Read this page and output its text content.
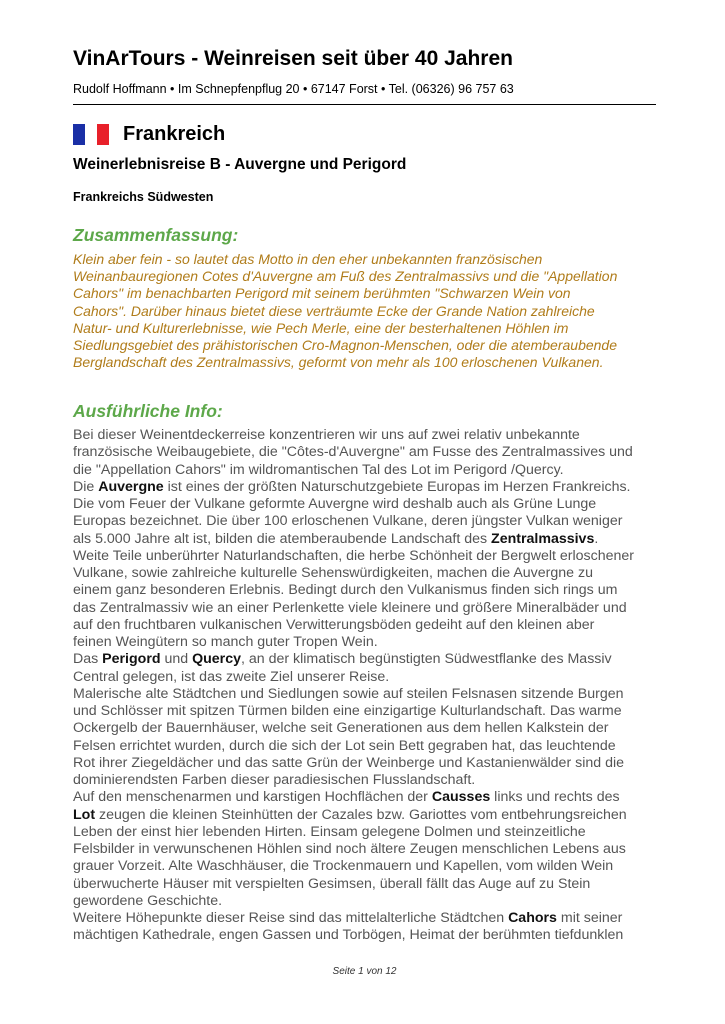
VinArTours - Weinreisen seit über 40 Jahren
Rudolf Hoffmann • Im Schnepfenpflug 20 • 67147 Forst • Tel. (06326) 96 757 63
Frankreich
Weinerlebnisreise B - Auvergne und Perigord
Frankreichs Südwesten
Zusammenfassung:
Klein aber fein - so lautet das Motto in den eher unbekannten französischen
Weinanbauregionen Cotes d'Auvergne am Fuß des Zentralmassivs und die "Appellation
Cahors" im benachbarten Perigord mit seinem berühmten "Schwarzen Wein von
Cahors". Darüber hinaus bietet diese verträumte Ecke der Grande Nation zahlreiche
Natur- und Kulturerlebnisse, wie Pech Merle, eine der besterhaltenen Höhlen im
Siedlungsgebiet des prähistorischen Cro-Magnon-Menschen, oder die atemberaubende
Berglandschaft des Zentralmassivs, geformt von mehr als 100 erloschenen Vulkanen.
Ausführliche Info:
Bei dieser Weinentdeckerreise konzentrieren wir uns auf zwei relativ unbekannte
französische Weibaugebiete, die "Côtes-d'Auvergne" am Fusse des Zentralmassives und
die "Appellation Cahors" im wildromantischen Tal des Lot im Perigord /Quercy.
Die Auvergne ist eines der größten Naturschutzgebiete Europas im Herzen Frankreichs.
Die vom Feuer der Vulkane geformte Auvergne wird deshalb auch als Grüne Lunge
Europas bezeichnet. Die über 100 erloschenen Vulkane, deren jüngster Vulkan weniger
als 5.000 Jahre alt ist, bilden die atemberaubende Landschaft des Zentralmassivs.
Weite Teile unberührter Naturlandschaften, die herbe Schönheit der Bergwelt erloschener
Vulkane, sowie zahlreiche kulturelle Sehenswürdigkeiten, machen die Auvergne zu
einem ganz besonderen Erlebnis. Bedingt durch den Vulkanismus finden sich rings um
das Zentralmassiv wie an einer Perlenkette viele kleinere und größere Mineralbäder und
auf den fruchtbaren vulkanischen Verwitterungsböden gedeiht auf den kleinen aber
feinen Weingütern so manch guter Tropen Wein.
Das Perigord und Quercy, an der klimatisch begünstigten Südwestflanke des Massiv
Central gelegen, ist das zweite Ziel unserer Reise.
Malerische alte Städtchen und Siedlungen sowie auf steilen Felsnasen sitzende Burgen
und Schlösser mit spitzen Türmen bilden eine einzigartige Kulturlandschaft. Das warme
Ockergelb der Bauernhäuser, welche seit Generationen aus dem hellen Kalkstein der
Felsen errichtet wurden, durch die sich der Lot sein Bett gegraben hat, das leuchtende
Rot ihrer Ziegeldächer und das satte Grün der Weinberge und Kastanienwälder sind die
dominierendsten Farben dieser paradiesischen Flusslandschaft.
Auf den menschenarmen und karstigen Hochflächen der Causses links und rechts des
Lot zeugen die kleinen Steinhütten der Cazales bzw. Gariottes vom entbehrungsreichen
Leben der einst hier lebenden Hirten. Einsam gelegene Dolmen und steinzeitliche
Felsbilder in verwunschenen Höhlen sind noch ältere Zeugen menschlichen Lebens aus
grauer Vorzeit. Alte Waschhäuser, die Trockenmauern und Kapellen, vom wilden Wein
überwucherte Häuser mit verspielten Gesimsen, überall fällt das Auge auf zu Stein
gewordene Geschichte.
Weitere Höhepunkte dieser Reise sind das mittelalterliche Städtchen Cahors mit seiner
mächtigen Kathedrale, engen Gassen und Torbögen, Heimat der berühmten tiefdunklen
Seite 1 von 12
